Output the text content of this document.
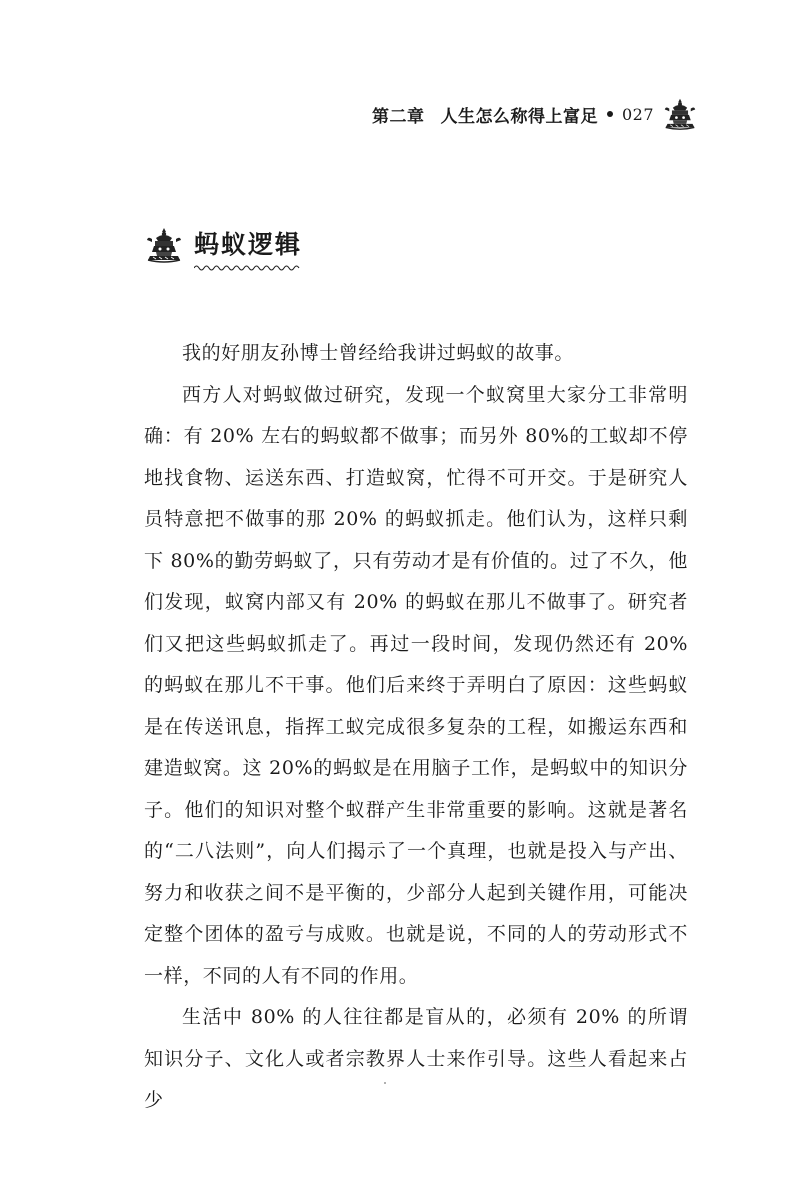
第二章 人生怎么称得上富足 027
蚂蚁逻辑

我的好朋友孙博士曾经给我讲过蚂蚁的故事。

西方人对蚂蚁做过研究，发现一个蚁窝里大家分工非常明确：有 20% 左右的蚂蚁都不做事；而另外 80%的工蚁却不停地找食物、运送东西、打造蚁窝，忙得不可开交。于是研究人员特意把不做事的那 20% 的蚂蚁抓走。他们认为，这样只剩下 80%的勤劳蚂蚁了，只有劳动才是有价值的。过了不久，他们发现，蚁窝内部又有 20% 的蚂蚁在那儿不做事了。研究者们又把这些蚂蚁抓走了。再过一段时间，发现仍然还有 20% 的蚂蚁在那儿不干事。他们后来终于弄明白了原因：这些蚂蚁是在传送讯息，指挥工蚁完成很多复杂的工程，如搬运东西和建造蚁窝。这 20%的蚂蚁是在用脑子工作，是蚂蚁中的知识分子。他们的知识对整个蚁群产生非常重要的影响。这就是著名的“二八法则”，向人们揭示了一个真理，也就是投入与产出、努力和收获之间不是平衡的，少部分人起到关键作用，可能决定整个团体的盈亏与成败。也就是说，不同的人的劳动形式不一样，不同的人有不同的作用。

生活中 80% 的人往往都是盲从的，必须有 20% 的所谓知识分子、文化人或者宗教界人士来作引导。这些人看起来占少
